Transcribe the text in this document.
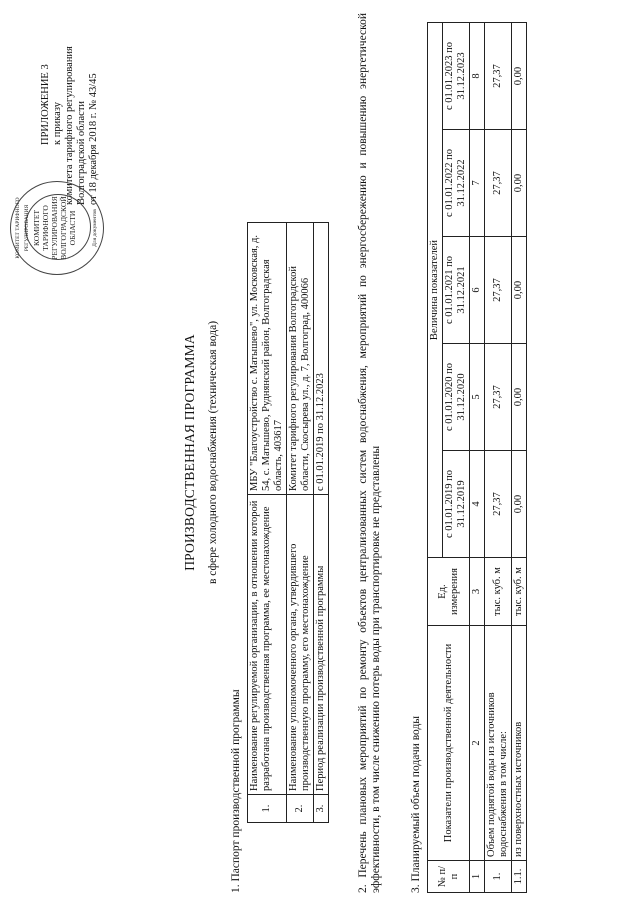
ПРИЛОЖЕНИЕ 3 к приказу комитета тарифного регулирования Волгоградской области от 18 декабря 2018 г. № 43/45
КОМИТЕТ ТАРИФНОГО РЕГУЛИРОВАНИЯ КОМИТЕТ ТАРИФНОГО РЕГУЛИРОВАНИЯ ВОЛГОГРАДСКОЙ ОБЛАСТИ	Для документов
ПРОИЗВОДСТВЕННАЯ ПРОГРАММА в сфере холодного водоснабжения (техническая вода)
1. Паспорт производственной программы 1.	Наименование регулируемой организации, в отношении которой разработана производственная программа, ее местонахождение	МБУ "Благоустройство с. Матышево", ул. Московская, д. 54, с. Матышево, Руднянский район, Волгоградская область, 403617
2.	Наименование уполномоченного органа, утвердившего производственную программу, его местонахождение	Комитет тарифного регулирования Волгоградской области, Скосырева ул., д. 7, Волгоград, 400066
3.	Период реализации производственной программы	с 01.01.2019 по 31.12.2023	2. Перечень плановых мероприятий по ремонту объектов централизованных систем водоснабжения, мероприятий по энергосбережению и повышению энергетической эффективности, в том числе снижению потерь воды при транспортировке не представлены 3. Планируемый объем подачи воды № п/п	Показатели производственной деятельности	Ед. измерения	Величина показателей				
			с 01.01.2019 по 31.12.2019	с 01.01.2020 по 31.12.2020	с 01.01.2021 по 31.12.2021	с 01.01.2022 по 31.12.2022	с 01.01.2023 по 31.12.2023
1	2	3	4	5	6	7	8
1.	Объем поднятой воды из источников водоснабжения в том числе:	тыс. куб. м	27,37	27,37	27,37	27,37	27,37
1.1.	из поверхностных источников	тыс. куб. м	0,00	0,00	0,00	0,00	0,00
